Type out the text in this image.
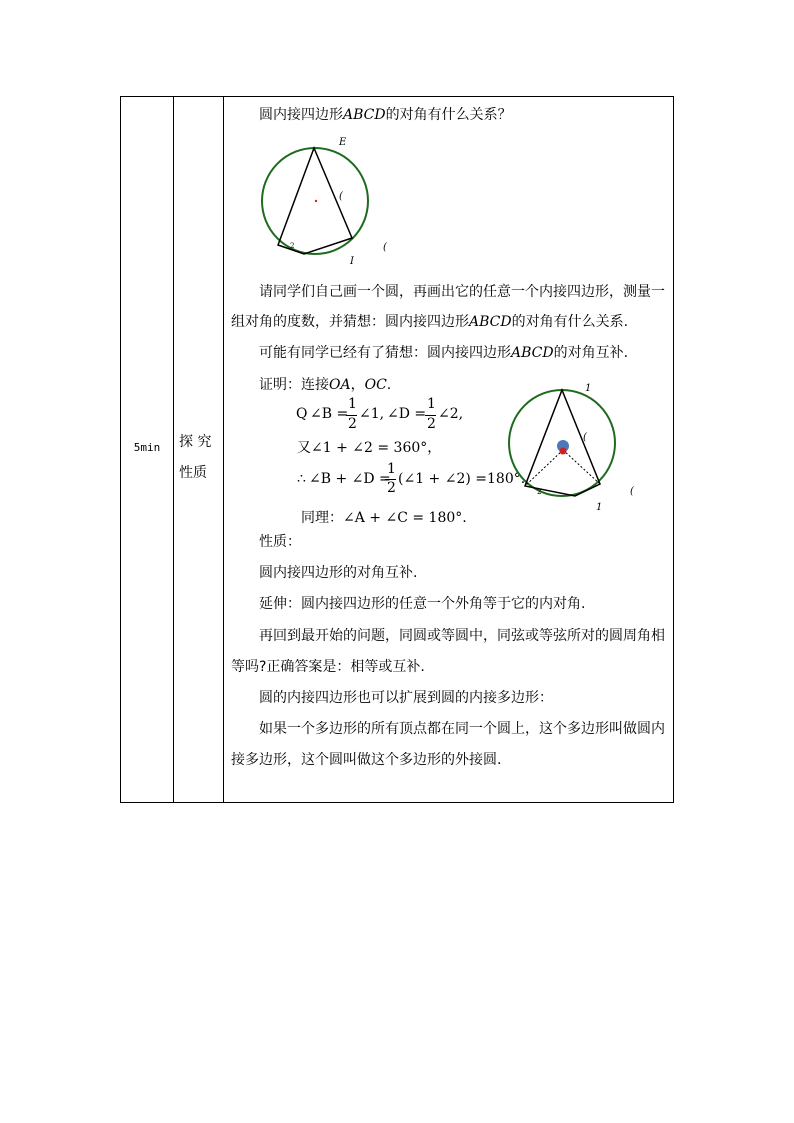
5min	探 究
性质
圆内接四边形ABCD的对角有什么关系？
E
(
(
I
2
请同学们自己画一个圆，再画出它的任意一个内接四边形，测量一
组对角的度数，并猜想：圆内接四边形ABCD的对角有什么关系.
可能有同学已经有了猜想：圆内接四边形ABCD的对角互补.
证明：连接OA，OC.
Q ∠B =
1
2
∠1, ∠D =
1
2
∠2,
又∠1 + ∠2 = 360°，
∴ ∠B + ∠D =
1
2
(∠1 + ∠2) =180°.
同理：∠A + ∠C = 180°.
1
(
(
1
2
性质：
圆内接四边形的对角互补.
延伸：圆内接四边形的任意一个外角等于它的内对角.
再回到最开始的问题，同圆或等圆中，同弦或等弦所对的圆周角相
等吗?正确答案是：相等或互补.
圆的内接四边形也可以扩展到圆的内接多边形：
如果一个多边形的所有顶点都在同一个圆上，这个多边形叫做圆内
接多边形，这个圆叫做这个多边形的外接圆.
